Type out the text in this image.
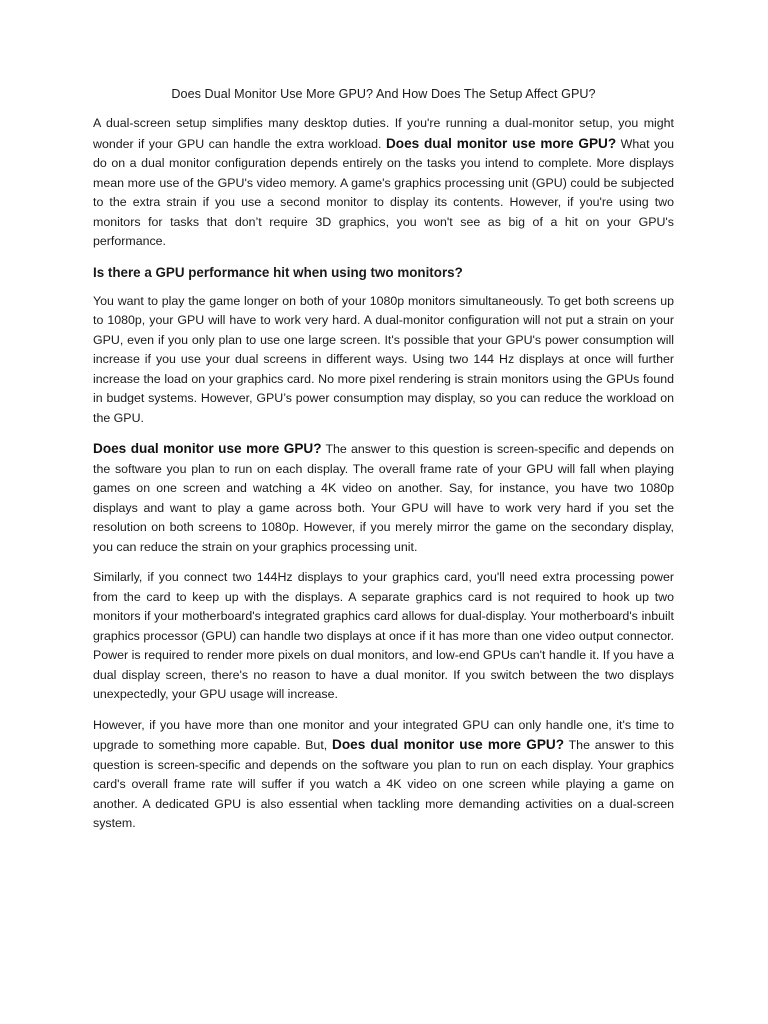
Does Dual Monitor Use More GPU? And How Does The Setup Affect GPU?

A dual-screen setup simplifies many desktop duties. If you're running a dual-monitor setup, you might wonder if your GPU can handle the extra workload. Does dual monitor use more GPU? What you do on a dual monitor configuration depends entirely on the tasks you intend to complete. More displays mean more use of the GPU's video memory. A game's graphics processing unit (GPU) could be subjected to the extra strain if you use a second monitor to display its contents. However, if you're using two monitors for tasks that don’t require 3D graphics, you won't see as big of a hit on your GPU's performance.

Is there a GPU performance hit when using two monitors?

You want to play the game longer on both of your 1080p monitors simultaneously. To get both screens up to 1080p, your GPU will have to work very hard. A dual-monitor configuration will not put a strain on your GPU, even if you only plan to use one large screen. It's possible that your GPU's power consumption will increase if you use your dual screens in different ways. Using two 144 Hz displays at once will further increase the load on your graphics card. No more pixel rendering is strain monitors using the GPUs found in budget systems. However, GPU’s power consumption may display, so you can reduce the workload on the GPU.

Does dual monitor use more GPU? The answer to this question is screen-specific and depends on the software you plan to run on each display. The overall frame rate of your GPU will fall when playing games on one screen and watching a 4K video on another. Say, for instance, you have two 1080p displays and want to play a game across both. Your GPU will have to work very hard if you set the resolution on both screens to 1080p. However, if you merely mirror the game on the secondary display, you can reduce the strain on your graphics processing unit.

Similarly, if you connect two 144Hz displays to your graphics card, you'll need extra processing power from the card to keep up with the displays. A separate graphics card is not required to hook up two monitors if your motherboard's integrated graphics card allows for dual-display. Your motherboard's inbuilt graphics processor (GPU) can handle two displays at once if it has more than one video output connector. Power is required to render more pixels on dual monitors, and low-end GPUs can't handle it. If you have a dual display screen, there's no reason to have a dual monitor. If you switch between the two displays unexpectedly, your GPU usage will increase.

However, if you have more than one monitor and your integrated GPU can only handle one, it's time to upgrade to something more capable. But, Does dual monitor use more GPU? The answer to this question is screen-specific and depends on the software you plan to run on each display. Your graphics card's overall frame rate will suffer if you watch a 4K video on one screen while playing a game on another. A dedicated GPU is also essential when tackling more demanding activities on a dual-screen system.
